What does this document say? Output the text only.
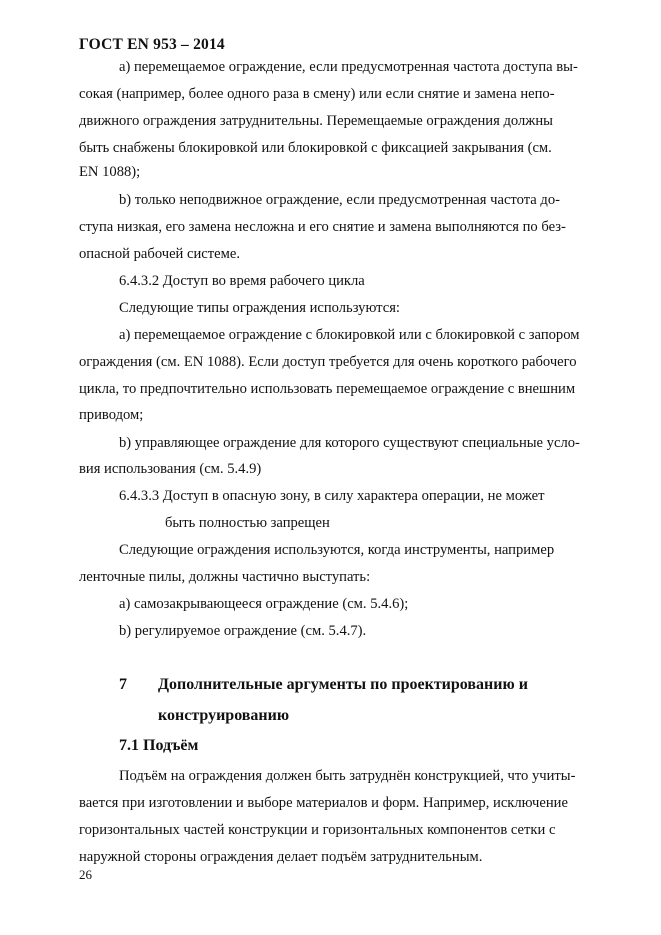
ГОСТ EN 953 – 2014
а) перемещаемое ограждение, если предусмотренная частота доступа вы-
сокая (например, более одного раза в смену) или если снятие и замена непо-
движного ограждения затруднительны. Перемещаемые ограждения должны
быть снабжены блокировкой или блокировкой с фиксацией закрывания (см.
EN 1088);
b) только неподвижное ограждение, если предусмотренная частота до-
ступа низкая, его замена несложна и его снятие и замена выполняются по без-
опасной рабочей системе.
6.4.3.2 Доступ во время рабочего цикла
Следующие типы ограждения используются:
а) перемещаемое ограждение с блокировкой или с блокировкой с запором
ограждения (см. EN 1088). Если доступ требуется для очень короткого рабочего
цикла, то предпочтительно использовать перемещаемое ограждение с внешним
приводом;
b) управляющее ограждение для которого существуют специальные усло-
вия использования (см. 5.4.9)
6.4.3.3 Доступ в опасную зону, в силу характера операции, не может
быть полностью запрещен
Следующие ограждения используются, когда инструменты, например
ленточные пилы, должны частично выступать:
а) самозакрывающееся ограждение (см. 5.4.6);
b) регулируемое ограждение (см. 5.4.7).
7 Дополнительные аргументы по проектированию и
конструированию
7.1 Подъём
Подъём на ограждения должен быть затруднён конструкцией, что учиты-
вается при изготовлении и выборе материалов и форм. Например, исключение
горизонтальных частей конструкции и горизонтальных компонентов сетки с
наружной стороны ограждения делает подъём затруднительным.
26
